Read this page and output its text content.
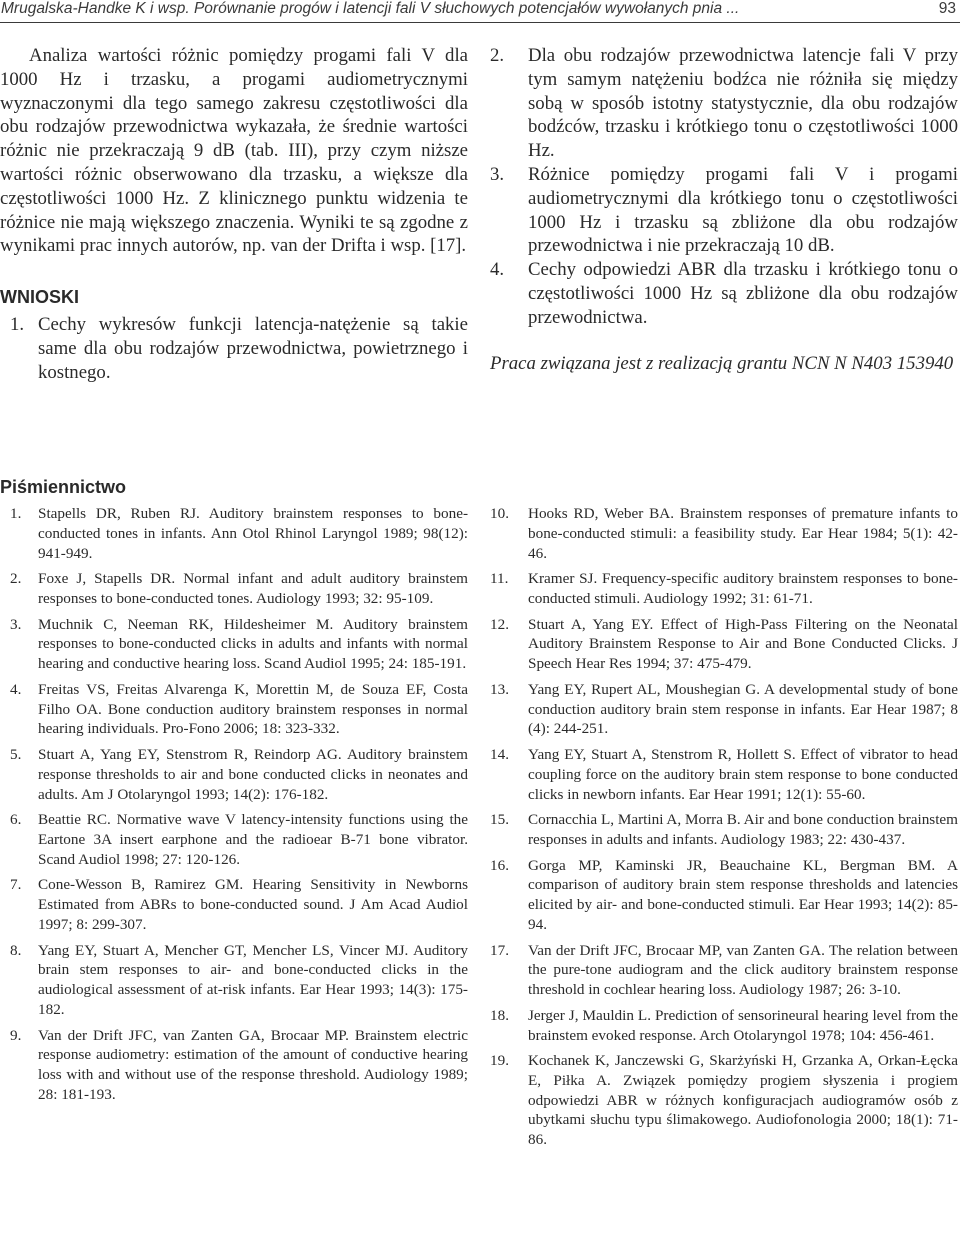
Mrugalska-Handke K i wsp. Porównanie progów i latencji fali V słuchowych potencjałów wywołanych pnia ...	93

Analiza wartości różnic pomiędzy progami fali V dla 1000 Hz i trzasku, a progami audiometrycznymi wyznaczonymi dla tego samego zakresu częstotliwości dla obu rodzajów przewodnictwa wykazała, że średnie wartości różnic nie przekraczają 9 dB (tab. III), przy czym niższe wartości różnic obserwowano dla trzasku, a większe dla częstotliwości 1000 Hz. Z klinicznego punktu widzenia te różnice nie mają większego znaczenia. Wyniki te są zgodne z wynikami prac innych autorów, np. van der Drifta i wsp. [17].

WNIOSKI
1. Cechy wykresów funkcji latencja-natężenie są takie same dla obu rodzajów przewodnictwa, powietrznego i kostnego.
2. Dla obu rodzajów przewodnictwa latencje fali V przy tym samym natężeniu bodźca nie różniła się między sobą w sposób istotny statystycznie, dla obu rodzajów bodźców, trzasku i krótkiego tonu o częstotliwości 1000 Hz.
3. Różnice pomiędzy progami fali V i progami audiometrycznymi dla krótkiego tonu o częstotliwości 1000 Hz i trzasku są zbliżone dla obu rodzajów przewodnictwa i nie przekraczają 10 dB.
4. Cechy odpowiedzi ABR dla trzasku i krótkiego tonu o częstotliwości 1000 Hz są zbliżone dla obu rodzajów przewodnictwa.

Praca związana jest z realizacją grantu NCN N N403 153940

Piśmiennictwo
1. Stapells DR, Ruben RJ. Auditory brainstem responses to bone-conducted tones in infants. Ann Otol Rhinol Laryngol 1989; 98(12): 941-949.
2. Foxe J, Stapells DR. Normal infant and adult auditory brainstem responses to bone-conducted tones. Audiology 1993; 32: 95-109.
3. Muchnik C, Neeman RK, Hildesheimer M. Auditory brainstem responses to bone-conducted clicks in adults and infants with normal hearing and conductive hearing loss. Scand Audiol 1995; 24: 185-191.
4. Freitas VS, Freitas Alvarenga K, Morettin M, de Souza EF, Costa Filho OA. Bone conduction auditory brainstem responses in normal hearing individuals. Pro-Fono 2006; 18: 323-332.
5. Stuart A, Yang EY, Stenstrom R, Reindorp AG. Auditory brainstem response thresholds to air and bone conducted clicks in neonates and adults. Am J Otolaryngol 1993; 14(2): 176-182.
6. Beattie RC. Normative wave V latency-intensity functions using the Eartone 3A insert earphone and the radioear B-71 bone vibrator. Scand Audiol 1998; 27: 120-126.
7. Cone-Wesson B, Ramirez GM. Hearing Sensitivity in Newborns Estimated from ABRs to bone-conducted sound. J Am Acad Audiol 1997; 8: 299-307.
8. Yang EY, Stuart A, Mencher GT, Mencher LS, Vincer MJ. Auditory brain stem responses to air- and bone-conducted clicks in the audiological assessment of at-risk infants. Ear Hear 1993; 14(3): 175-182.
9. Van der Drift JFC, van Zanten GA, Brocaar MP. Brainstem electric response audiometry: estimation of the amount of conductive hearing loss with and without use of the response threshold. Audiology 1989; 28: 181-193.
10. Hooks RD, Weber BA. Brainstem responses of premature infants to bone-conducted stimuli: a feasibility study. Ear Hear 1984; 5(1): 42-46.
11. Kramer SJ. Frequency-specific auditory brainstem responses to bone-conducted stimuli. Audiology 1992; 31: 61-71.
12. Stuart A, Yang EY. Effect of High-Pass Filtering on the Neonatal Auditory Brainstem Response to Air and Bone Conducted Clicks. J Speech Hear Res 1994; 37: 475-479.
13. Yang EY, Rupert AL, Moushegian G. A developmental study of bone conduction auditory brain stem response in infants. Ear Hear 1987; 8 (4): 244-251.
14. Yang EY, Stuart A, Stenstrom R, Hollett S. Effect of vibrator to head coupling force on the auditory brain stem response to bone conducted clicks in newborn infants. Ear Hear 1991; 12(1): 55-60.
15. Cornacchia L, Martini A, Morra B. Air and bone conduction brainstem responses in adults and infants. Audiology 1983; 22: 430-437.
16. Gorga MP, Kaminski JR, Beauchaine KL, Bergman BM. A comparison of auditory brain stem response thresholds and latencies elicited by air- and bone-conducted stimuli. Ear Hear 1993; 14(2): 85-94.
17. Van der Drift JFC, Brocaar MP, van Zanten GA. The relation between the pure-tone audiogram and the click auditory brainstem response threshold in cochlear hearing loss. Audiology 1987; 26: 3-10.
18. Jerger J, Mauldin L. Prediction of sensorineural hearing level from the brainstem evoked response. Arch Otolaryngol 1978; 104: 456-461.
19. Kochanek K, Janczewski G, Skarżyński H, Grzanka A, Orkan-Łęcka E, Piłka A. Związek pomiędzy progiem słyszenia i progiem odpowiedzi ABR w różnych konfiguracjach audiogramów osób z ubytkami słuchu typu ślimakowego. Audiofonologia 2000; 18(1): 71-86.
